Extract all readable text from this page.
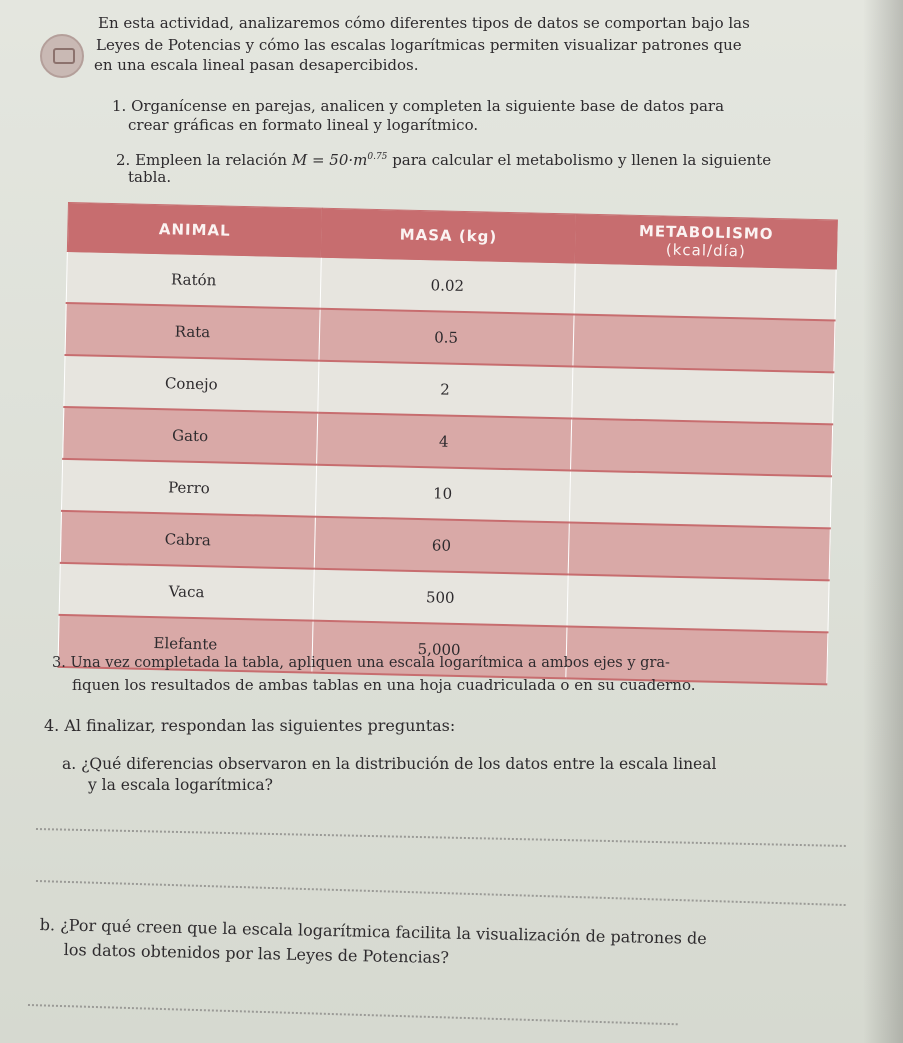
En esta actividad, analizaremos cómo diferentes tipos de datos se comportan bajo las
Leyes de Potencias y cómo las escalas logarítmicas permiten visualizar patrones que
en una escala lineal pasan desapercibidos.
1. Organícense en parejas, analicen y completen la siguiente base de datos para
crear gráficas en formato lineal y logarítmico.
2. Empleen la relación $M = 50\cdot m^{0.75}$ para calcular el metabolismo y llenen la siguiente
tabla.
ANIMAL	MASA (kg)	METABOLISMO
(kcal/día)

Ratón	0.02	
Rata	0.5	
Conejo	2	
Gato	4	
Perro	10	
Cabra	60	
Vaca	500	
Elefante	5,000	
3. Una vez completada la tabla, apliquen una escala logarítmica a ambos ejes y gra-
fiquen los resultados de ambas tablas en una hoja cuadriculada o en su cuaderno.
4. Al finalizar, respondan las siguientes preguntas:
a. ¿Qué diferencias observaron en la distribución de los datos entre la escala lineal
y la escala logarítmica?
b. ¿Por qué creen que la escala logarítmica facilita la visualización de patrones de
los datos obtenidos por las Leyes de Potencias?
